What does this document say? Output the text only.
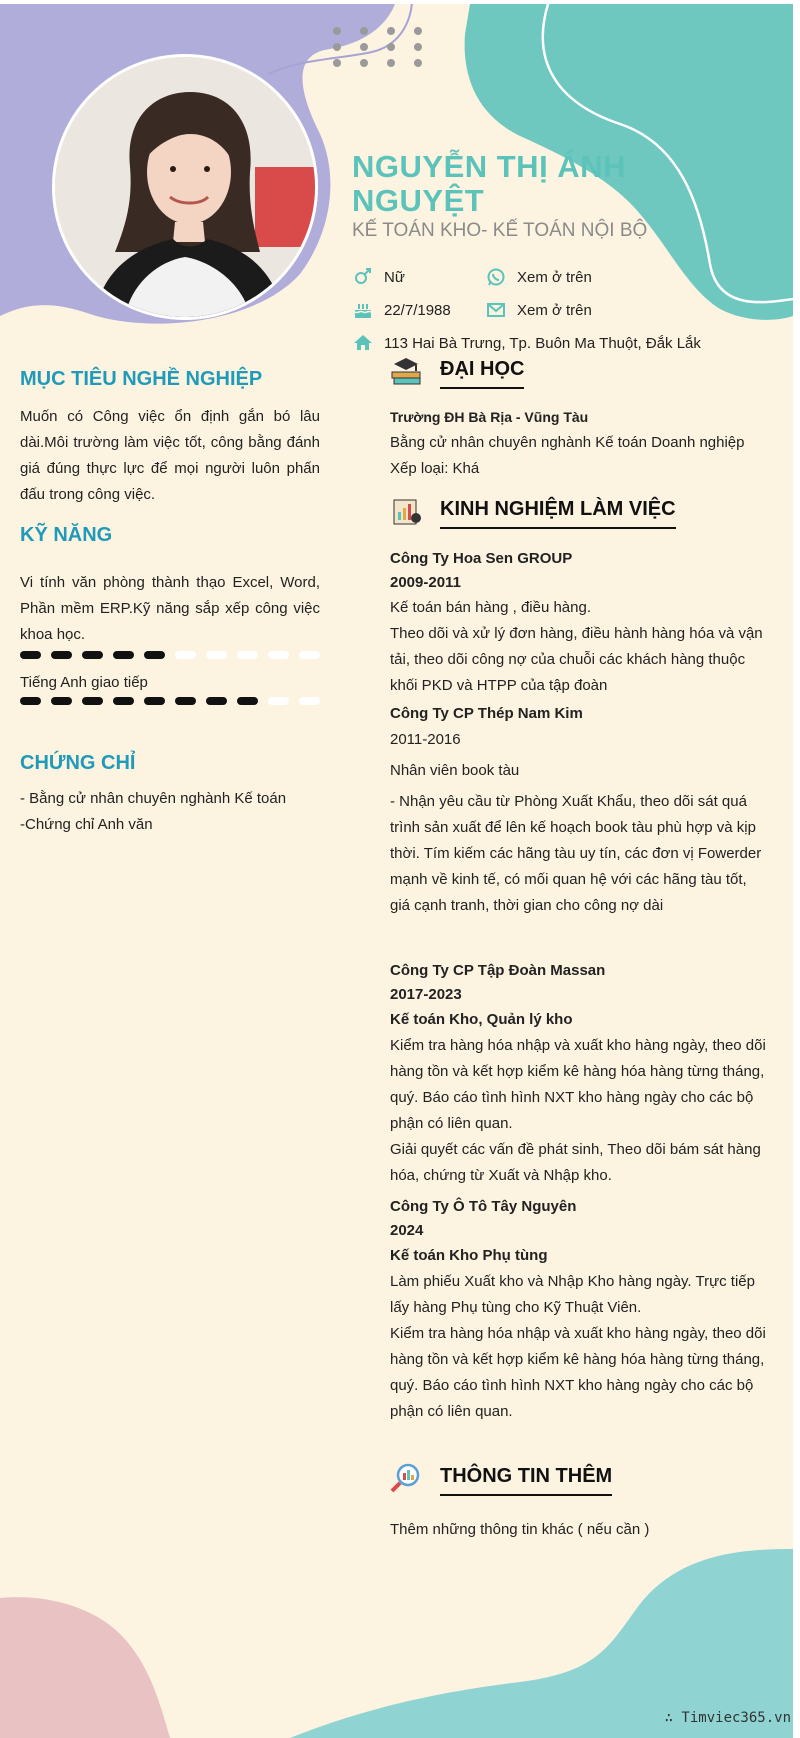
NGUYỄN THỊ ÁNH NGUYỆT
KẾ TOÁN KHO- KẾ TOÁN NỘI BỘ
Nữ	Xem ở trên
22/7/1988	Xem ở trên
113 Hai Bà Trưng, Tp. Buôn Ma Thuột, Đắk Lắk
MỤC TIÊU NGHỀ NGHIỆP
Muốn có Công việc ổn định gắn bó lâu dài.Môi trường làm việc tốt, công bằng đánh giá đúng thực lực để mọi người luôn phấn đấu trong công việc.
KỸ NĂNG
Vi tính văn phòng thành thạo Excel, Word, Phần mềm ERP.Kỹ năng sắp xếp công việc khoa học.
Tiếng Anh giao tiếp
CHỨNG CHỈ
- Bằng cử nhân chuyên nghành Kế toán
-Chứng chỉ Anh văn
ĐẠI HỌC
Trường ĐH Bà Rịa - Vũng Tàu
Bằng cử nhân chuyên nghành Kế toán Doanh nghiệp
Xếp loại: Khá
KINH NGHIỆM LÀM VIỆC
Công Ty Hoa Sen GROUP
2009-2011
Kế toán bán hàng , điều hàng.
Theo dõi và xử lý đơn hàng, điều hành hàng hóa và vận tải, theo dõi công nợ của chuỗi các khách hàng thuộc khối PKD và HTPP của tập đoàn
Công Ty CP Thép Nam Kim
2011-2016
Nhân viên book tàu
- Nhận yêu cầu từ Phòng Xuất Khẩu, theo dõi sát quá trình sản xuất để lên kế hoạch book tàu phù hợp và kịp thời. Tím kiếm các hãng tàu uy tín, các đơn vị Fowerder mạnh về kinh tế, có mối quan hệ với các hãng tàu tốt, giá cạnh tranh, thời gian cho công nợ dài
Công Ty CP Tập Đoàn Massan
2017-2023
Kế toán Kho, Quản lý kho
Kiểm tra hàng hóa nhập và xuất kho hàng ngày, theo dõi hàng tồn và kết hợp kiểm kê hàng hóa hàng từng tháng, quý. Báo cáo tình hình NXT kho hàng ngày cho các bộ phận có liên quan.
Giải quyết các vấn đề phát sinh, Theo dõi bám sát hàng hóa, chứng từ Xuất và Nhập kho.
Công Ty Ô Tô Tây Nguyên
2024
Kế toán Kho Phụ tùng
Làm phiếu Xuất kho và Nhập Kho hàng ngày. Trực tiếp lấy hàng Phụ tùng cho Kỹ Thuật Viên.
Kiểm tra hàng hóa nhập và xuất kho hàng ngày, theo dõi hàng tồn và kết hợp kiểm kê hàng hóa hàng từng tháng, quý. Báo cáo tình hình NXT kho hàng ngày cho các bộ phận có liên quan.
THÔNG TIN THÊM
Thêm những thông tin khác ( nếu cần )
∴ Timviec365.vn
